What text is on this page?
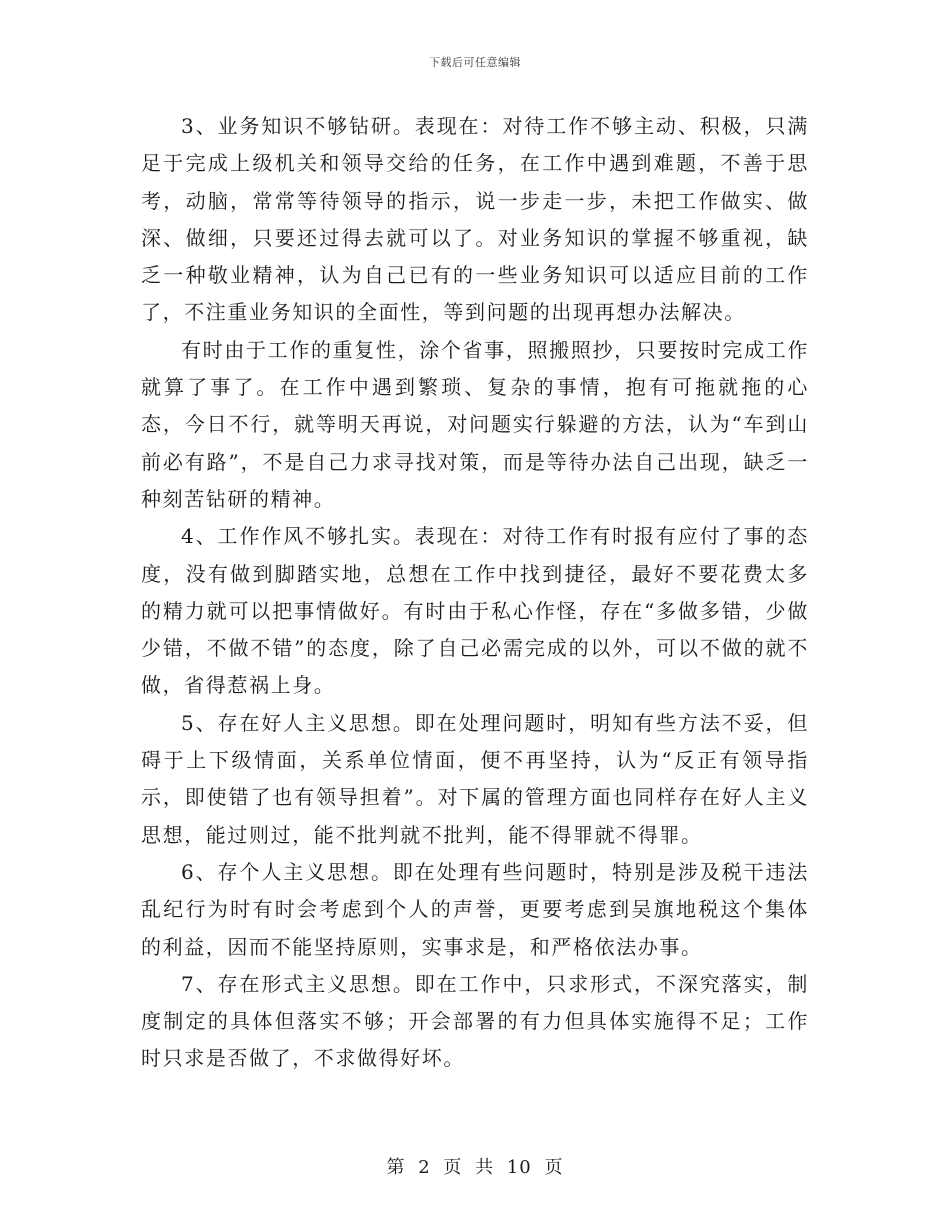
下载后可任意编辑

3、业务知识不够钻研。表现在：对待工作不够主动、积极，只满足于完成上级机关和领导交给的任务，在工作中遇到难题，不善于思考，动脑，常常等待领导的指示，说一步走一步，未把工作做实、做深、做细，只要还过得去就可以了。对业务知识的掌握不够重视，缺乏一种敬业精神，认为自己已有的一些业务知识可以适应目前的工作了，不注重业务知识的全面性，等到问题的出现再想办法解决。

有时由于工作的重复性，涂个省事，照搬照抄，只要按时完成工作就算了事了。在工作中遇到繁琐、复杂的事情，抱有可拖就拖的心态，今日不行，就等明天再说，对问题实行躲避的方法，认为“车到山前必有路”，不是自己力求寻找对策，而是等待办法自己出现，缺乏一种刻苦钻研的精神。

4、工作作风不够扎实。表现在：对待工作有时报有应付了事的态度，没有做到脚踏实地，总想在工作中找到捷径，最好不要花费太多的精力就可以把事情做好。有时由于私心作怪，存在“多做多错，少做少错，不做不错”的态度，除了自己必需完成的以外，可以不做的就不做，省得惹祸上身。

5、存在好人主义思想。即在处理问题时，明知有些方法不妥，但碍于上下级情面，关系单位情面，便不再坚持，认为“反正有领导指示，即使错了也有领导担着”。对下属的管理方面也同样存在好人主义思想，能过则过，能不批判就不批判，能不得罪就不得罪。

6、存个人主义思想。即在处理有些问题时，特别是涉及税干违法乱纪行为时有时会考虑到个人的声誉，更要考虑到吴旗地税这个集体的利益，因而不能坚持原则，实事求是，和严格依法办事。

7、存在形式主义思想。即在工作中，只求形式，不深究落实，制度制定的具体但落实不够；开会部署的有力但具体实施得不足；工作时只求是否做了，不求做得好坏。

第 2 页 共 10 页
